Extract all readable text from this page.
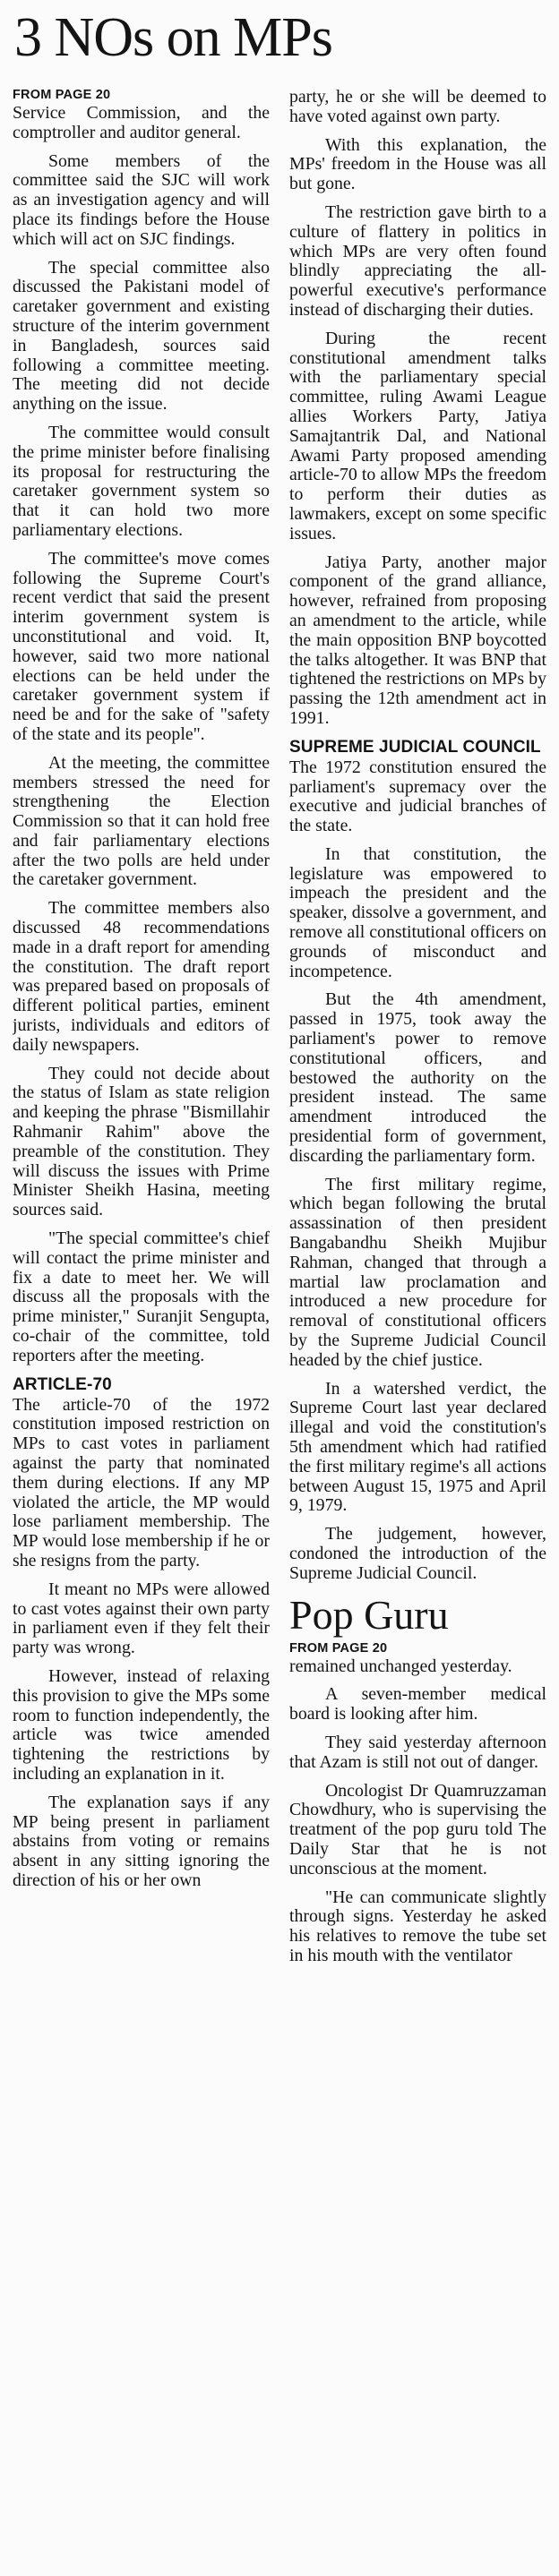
3 NOs on MPs
FROM PAGE 20

Service Commission, and the comptroller and auditor general.

Some members of the committee said the SJC will work as an investigation agency and will place its findings before the House which will act on SJC findings.

The special committee also discussed the Pakistani model of caretaker government and existing structure of the interim government in Bangladesh, sources said following a committee meeting. The meeting did not decide anything on the issue.

The committee would consult the prime minister before finalising its proposal for restructuring the caretaker government system so that it can hold two more parliamentary elections.

The committee's move comes following the Supreme Court's recent verdict that said the present interim government system is unconstitutional and void. It, however, said two more national elections can be held under the caretaker government system if need be and for the sake of "safety of the state and its people".

At the meeting, the committee members stressed the need for strengthening the Election Commission so that it can hold free and fair parliamentary elections after the two polls are held under the caretaker government.

The committee members also discussed 48 recommendations made in a draft report for amending the constitution. The draft report was prepared based on proposals of different political parties, eminent jurists, individuals and editors of daily newspapers.

They could not decide about the status of Islam as state religion and keeping the phrase "Bismillahir Rahmanir Rahim" above the preamble of the constitution. They will discuss the issues with Prime Minister Sheikh Hasina, meeting sources said.

"The special committee's chief will contact the prime minister and fix a date to meet her. We will discuss all the proposals with the prime minister," Suranjit Sengupta, co-chair of the committee, told reporters after the meeting.

ARTICLE-70

The article-70 of the 1972 constitution imposed restriction on MPs to cast votes in parliament against the party that nominated them during elections. If any MP violated the article, the MP would lose parliament membership. The MP would lose membership if he or she resigns from the party.

It meant no MPs were allowed to cast votes against their own party in parliament even if they felt their party was wrong.

However, instead of relaxing this provision to give the MPs some room to function independently, the article was twice amended tightening the restrictions by including an explanation in it.

The explanation says if any MP being present in parliament abstains from voting or remains absent in any sitting ignoring the direction of his or her own

party, he or she will be deemed to have voted against own party.

With this explanation, the MPs' freedom in the House was all but gone.

The restriction gave birth to a culture of flattery in politics in which MPs are very often found blindly appreciating the all-powerful executive's performance instead of discharging their duties.

During the recent constitutional amendment talks with the parliamentary special committee, ruling Awami League allies Workers Party, Jatiya Samajtantrik Dal, and National Awami Party proposed amending article-70 to allow MPs the freedom to perform their duties as lawmakers, except on some specific issues.

Jatiya Party, another major component of the grand alliance, however, refrained from proposing an amendment to the article, while the main opposition BNP boycotted the talks altogether. It was BNP that tightened the restrictions on MPs by passing the 12th amendment act in 1991.

SUPREME JUDICIAL COUNCIL

The 1972 constitution ensured the parliament's supremacy over the executive and judicial branches of the state.

In that constitution, the legislature was empowered to impeach the president and the speaker, dissolve a government, and remove all constitutional officers on grounds of misconduct and incompetence.

But the 4th amendment, passed in 1975, took away the parliament's power to remove constitutional officers, and bestowed the authority on the president instead. The same amendment introduced the presidential form of government, discarding the parliamentary form.

The first military regime, which began following the brutal assassination of then president Bangabandhu Sheikh Mujibur Rahman, changed that through a martial law proclamation and introduced a new procedure for removal of constitutional officers by the Supreme Judicial Council headed by the chief justice.

In a watershed verdict, the Supreme Court last year declared illegal and void the constitution's 5th amendment which had ratified the first military regime's all actions between August 15, 1975 and April 9, 1979.

The judgement, however, condoned the introduction of the Supreme Judicial Council.

Pop Guru
FROM PAGE 20

remained unchanged yesterday.

A seven-member medical board is looking after him.

They said yesterday afternoon that Azam is still not out of danger.

Oncologist Dr Quamruzzaman Chowdhury, who is supervising the treatment of the pop guru told The Daily Star that he is not unconscious at the moment.

"He can communicate slightly through signs. Yesterday he asked his relatives to remove the tube set in his mouth with the ventilator
